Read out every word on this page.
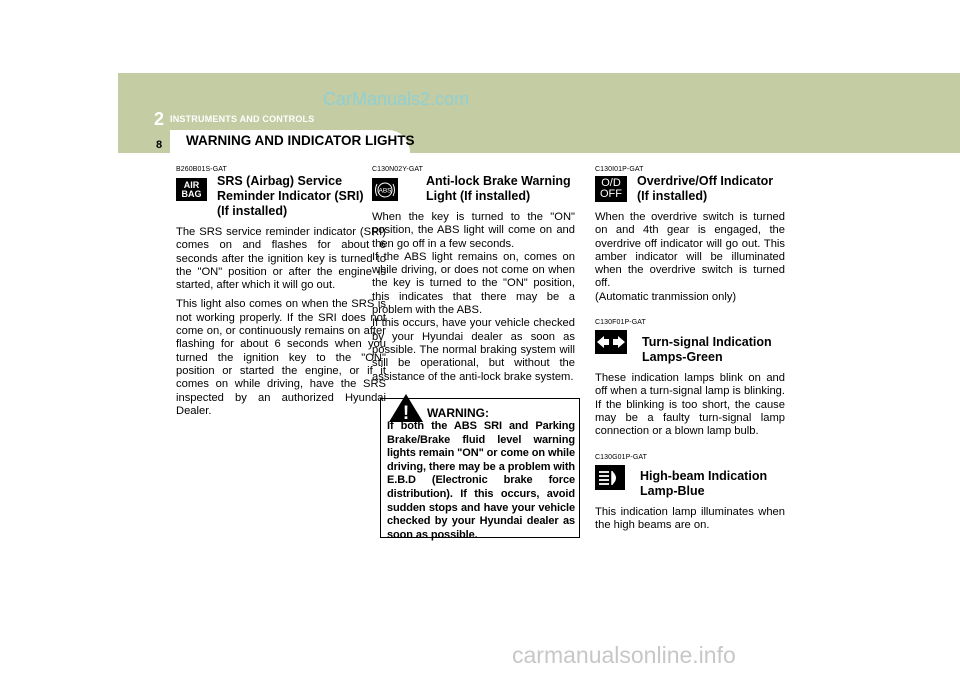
2 INSTRUMENTS AND CONTROLS
CarManuals2.com
WARNING AND INDICATOR LIGHTS
8
B260B01S-GAT
AIR
BAG
SRS (Airbag) Service
Reminder Indicator (SRI)
(If installed)

The SRS service reminder indicator (SRI) comes on and flashes for about 6 seconds after the ignition key is turned to the "ON" position or after the engine is started, after which it will go out.

This light also comes on when the SRS is not working properly. If the SRI does not come on, or continuously remains on after flashing for about 6 seconds when you turned the ignition key to the "ON" position or started the engine, or if it comes on while driving, have the SRS inspected by an authorized Hyundai Dealer.

C130N02Y-GAT
ABS
Anti-lock Brake Warning
Light (If installed)

When the key is turned to the "ON" position, the ABS light will come on and then go off in a few seconds.

If the ABS light remains on, comes on while driving, or does not come on when the key is turned to the "ON" position, this indicates that there may be a problem with the ABS.

If this occurs, have your vehicle checked by your Hyundai dealer as soon as possible. The normal braking system will still be operational, but without the assistance of the anti-lock brake system.

! WARNING:
If both the ABS SRI and Parking Brake/Brake fluid level warning lights remain "ON" or come on while driving, there may be a problem with E.B.D (Electronic brake force distribution). If this occurs, avoid sudden stops and have your vehicle checked by your Hyundai dealer as soon as possible.
C130I01P-GAT
O/D
OFF
Overdrive/Off Indicator
(If installed)

When the overdrive switch is turned on and 4th gear is engaged, the overdrive off indicator will go out. This amber indicator will be illuminated when the overdrive switch is turned off.

(Automatic tranmission only)

C130F01P-GAT
Turn-signal Indication
Lamps-Green

These indication lamps blink on and off when a turn-signal lamp is blinking. If the blinking is too short, the cause may be a faulty turn-signal lamp connection or a blown lamp bulb.

C130G01P-GAT
High-beam Indication
Lamp-Blue

This indication lamp illuminates when the high beams are on.

carmanualsonline.info
